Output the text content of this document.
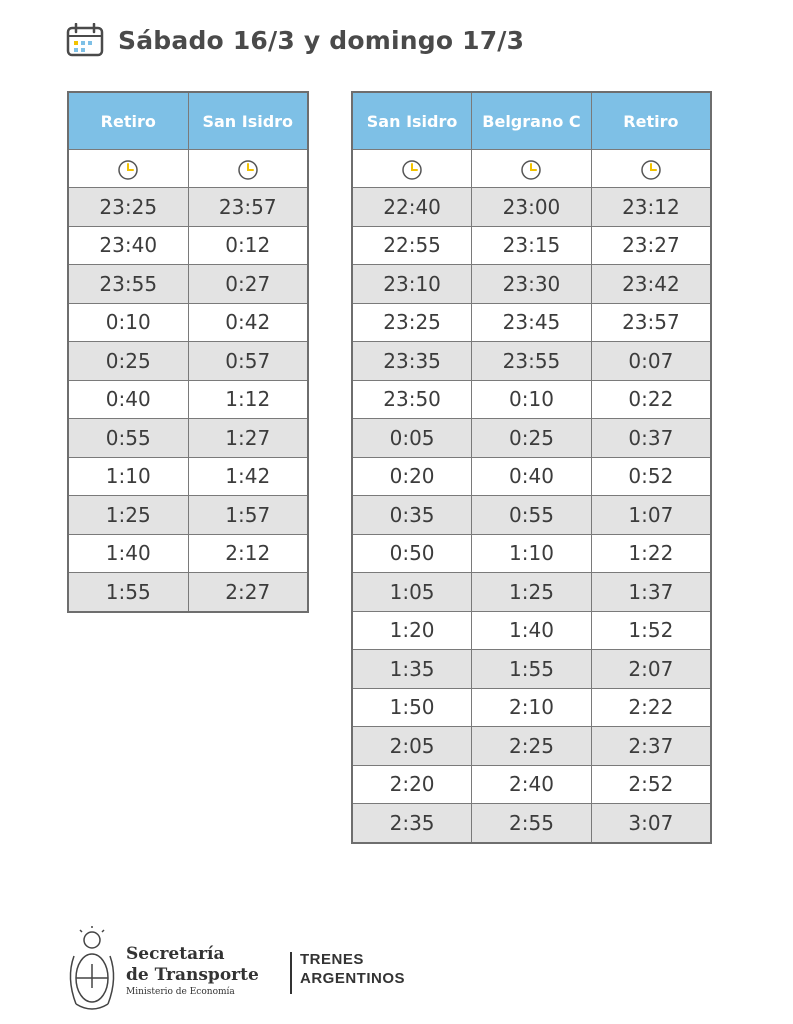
Sábado 16/3 y domingo 17/3
Retiro	San Isidro

23:25	23:57
23:40	0:12
23:55	0:27
0:10	0:42
0:25	0:57
0:40	1:12
0:55	1:27
1:10	1:42
1:25	1:57
1:40	2:12
1:55	2:27
San Isidro	Belgrano C	Retiro

22:40	23:00	23:12
22:55	23:15	23:27
23:10	23:30	23:42
23:25	23:45	23:57
23:35	23:55	0:07
23:50	0:10	0:22
0:05	0:25	0:37
0:20	0:40	0:52
0:35	0:55	1:07
0:50	1:10	1:22
1:05	1:25	1:37
1:20	1:40	1:52
1:35	1:55	2:07
1:50	2:10	2:22
2:05	2:25	2:37
2:20	2:40	2:52
2:35	2:55	3:07
Secretaría
de Transporte
Ministerio de Economía
TRENES
ARGENTINOS
